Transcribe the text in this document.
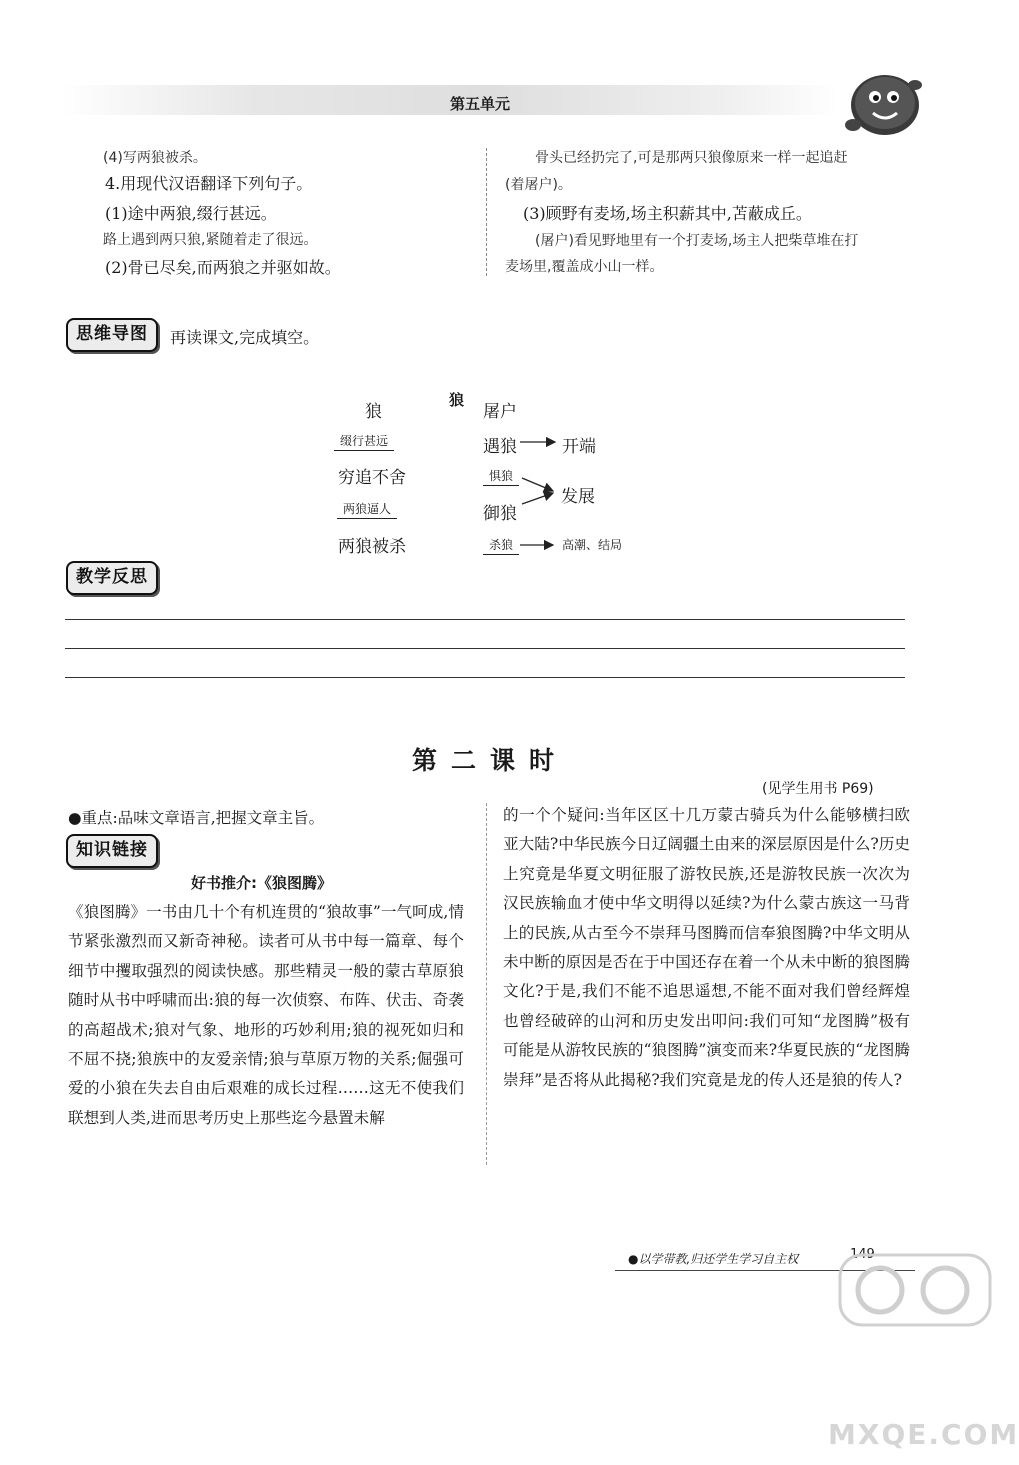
第五单元
(4)写两狼被杀。
4.用现代汉语翻译下列句子。
(1)途中两狼,缀行甚远。
路上遇到两只狼,紧随着走了很远。
(2)骨已尽矣,而两狼之并驱如故。
骨头已经扔完了,可是那两只狼像原来一样一起追赶
(着屠户)。
(3)顾野有麦场,场主积薪其中,苫蔽成丘。
(屠户)看见野地里有一个打麦场,场主人把柴草堆在打
麦场里,覆盖成小山一样。
思维导图	再读课文,完成填空。
狼
狼	屠户
缀行甚远
穷追不舍
两狼逼人
两狼被杀
遇狼
惧狼
御狼
杀狼
开端
发展
高潮、结局
教学反思
第二课时
(见学生用书 P69)
●重点:品味文章语言,把握文章主旨。
知识链接
好书推介:《狼图腾》
《狼图腾》一书由几十个有机连贯的“狼故事”一气呵成,情节紧张激烈而又新奇神秘。读者可从书中每一篇章、每个细节中攫取强烈的阅读快感。那些精灵一般的蒙古草原狼随时从书中呼啸而出:狼的每一次侦察、布阵、伏击、奇袭的高超战术;狼对气象、地形的巧妙利用;狼的视死如归和不屈不挠;狼族中的友爱亲情;狼与草原万物的关系;倔强可爱的小狼在失去自由后艰难的成长过程……这无不使我们联想到人类,进而思考历史上那些迄今悬置未解
的一个个疑问:当年区区十几万蒙古骑兵为什么能够横扫欧亚大陆?中华民族今日辽阔疆土由来的深层原因是什么?历史上究竟是华夏文明征服了游牧民族,还是游牧民族一次次为汉民族输血才使中华文明得以延续?为什么蒙古族这一马背上的民族,从古至今不崇拜马图腾而信奉狼图腾?中华文明从未中断的原因是否在于中国还存在着一个从未中断的狼图腾文化?于是,我们不能不追思遥想,不能不面对我们曾经辉煌也曾经破碎的山河和历史发出叩问:我们可知“龙图腾”极有可能是从游牧民族的“狼图腾”演变而来?华夏民族的“龙图腾崇拜”是否将从此揭秘?我们究竟是龙的传人还是狼的传人?
●以学带教,归还学生学习自主权	149
MXQE.COM
